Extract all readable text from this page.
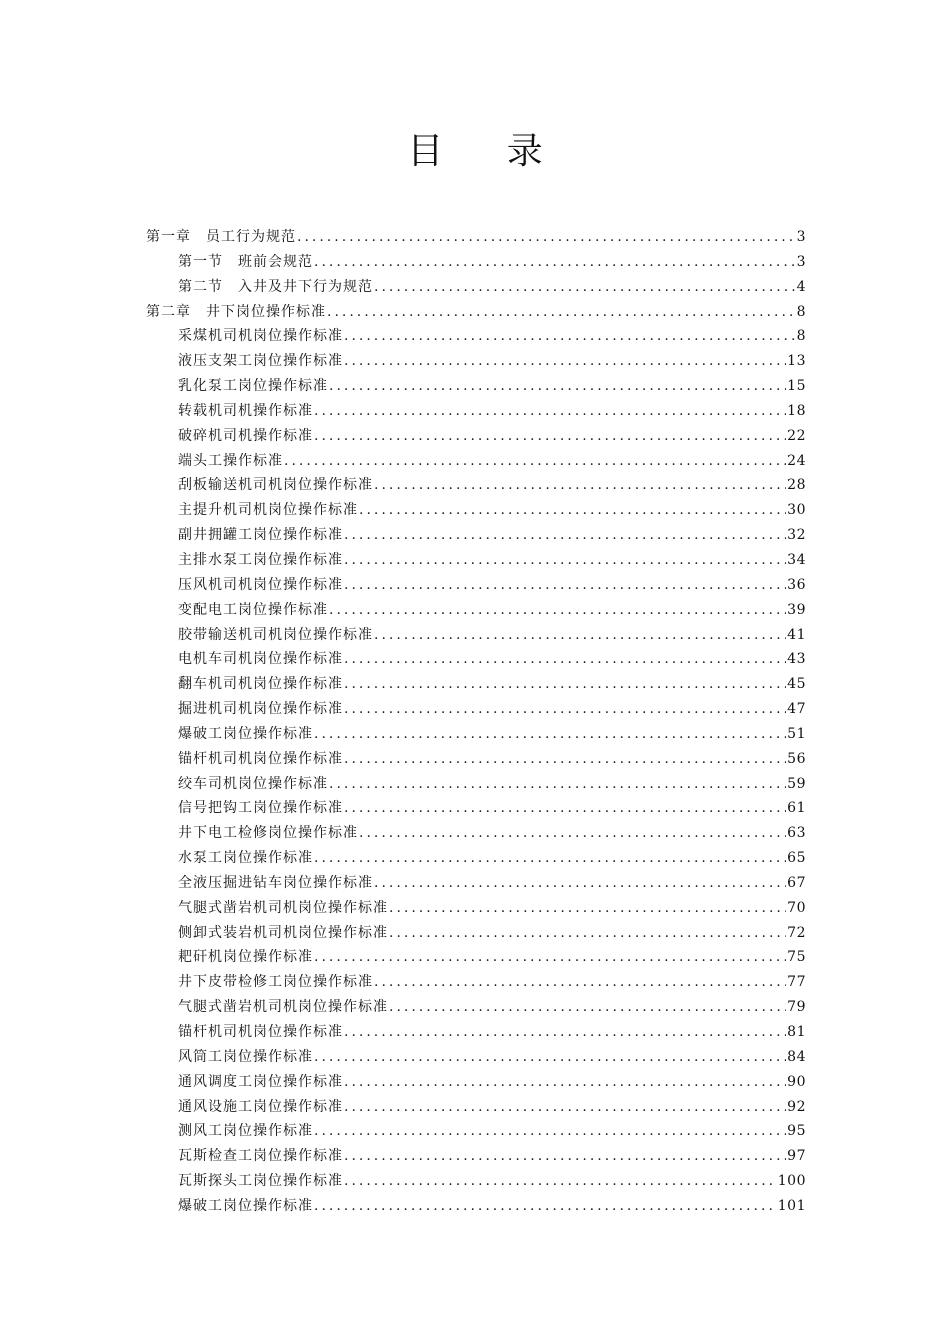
目 录
第一章　员工行为规范 .....	3
第一节　班前会规范 .....	3
第二节　入井及井下行为规范 .....	4
第二章　井下岗位操作标准 .....	8
采煤机司机岗位操作标准 .....	8
液压支架工岗位操作标准 .....	13
乳化泵工岗位操作标准 .....	15
转载机司机操作标准 .....	18
破碎机司机操作标准 .....	22
端头工操作标准 .....	24
刮板输送机司机岗位操作标准 .....	28
主提升机司机岗位操作标准 .....	30
副井拥罐工岗位操作标准 .....	32
主排水泵工岗位操作标准 .....	34
压风机司机岗位操作标准 .....	36
变配电工岗位操作标准 .....	39
胶带输送机司机岗位操作标准 .....	41
电机车司机岗位操作标准 .....	43
翻车机司机岗位操作标准 .....	45
掘进机司机岗位操作标准 .....	47
爆破工岗位操作标准 .....	51
锚杆机司机岗位操作标准 .....	56
绞车司机岗位操作标准 .....	59
信号把钩工岗位操作标准 .....	61
井下电工检修岗位操作标准 .....	63
水泵工岗位操作标准 .....	65
全液压掘进钻车岗位操作标准 .....	67
气腿式凿岩机司机岗位操作标准 .....	70
侧卸式装岩机司机岗位操作标准 .....	72
耙矸机岗位操作标准 .....	75
井下皮带检修工岗位操作标准 .....	77
气腿式凿岩机司机岗位操作标准 .....	79
锚杆机司机岗位操作标准 .....	81
风筒工岗位操作标准 .....	84
通风调度工岗位操作标准 .....	90
通风设施工岗位操作标准 .....	92
测风工岗位操作标准 .....	95
瓦斯检查工岗位操作标准 .....	97
瓦斯探头工岗位操作标准 .....	100
爆破工岗位操作标准 .....	101
